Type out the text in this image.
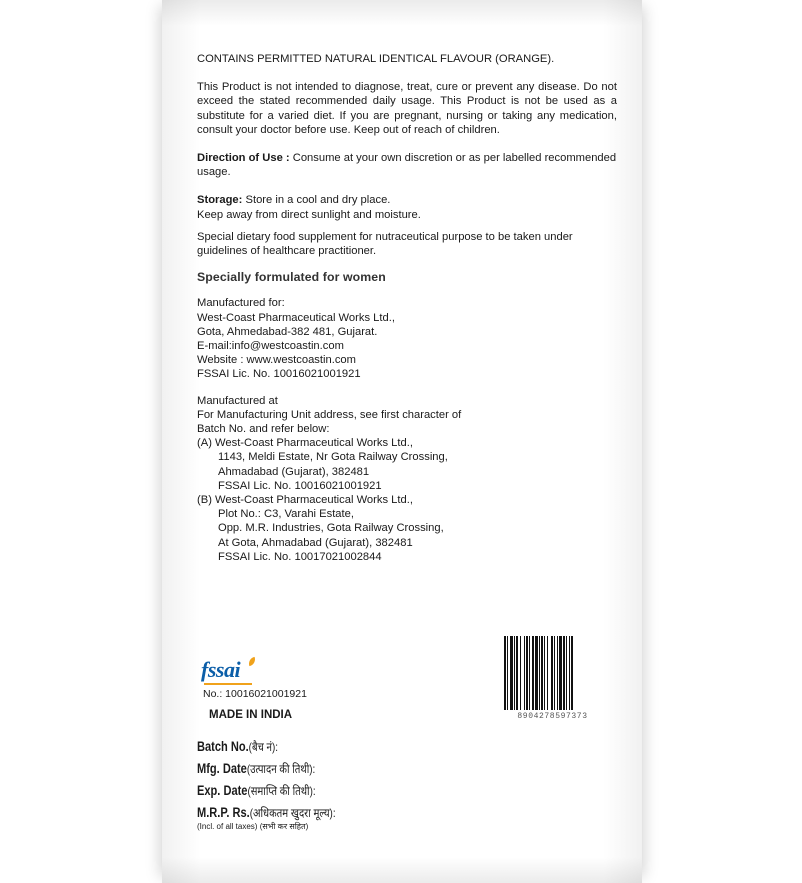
CONTAINS PERMITTED NATURAL IDENTICAL FLAVOUR (ORANGE).

This Product is not intended to diagnose, treat, cure or prevent any disease. Do not exceed the stated recommended daily usage. This Product is not be used as a substitute for a varied diet. If you are pregnant, nursing or taking any medication, consult your doctor before use. Keep out of reach of children.

Direction of Use : Consume at your own discretion or as per labelled recommended usage.

Storage: Store in a cool and dry place.

Keep away from direct sunlight and moisture.

Special dietary food supplement for nutraceutical purpose to be taken under guidelines of healthcare practitioner.

Specially formulated for women

Manufactured for:

West-Coast Pharmaceutical Works Ltd.,

Gota, Ahmedabad-382 481, Gujarat.

E-mail:info@westcoastin.com

Website : www.westcoastin.com

FSSAI Lic. No. 10016021001921

Manufactured at

For Manufacturing Unit address, see first character of

Batch No. and refer below:

(A) West-Coast Pharmaceutical Works Ltd.,

1143, Meldi Estate, Nr Gota Railway Crossing,

Ahmadabad (Gujarat), 382481

FSSAI Lic. No. 10016021001921

(B) West-Coast Pharmaceutical Works Ltd.,

Plot No.: C3, Varahi Estate,

Opp. M.R. Industries, Gota Railway Crossing,

At Gota, Ahmadabad (Gujarat), 382481

FSSAI Lic. No. 10017021002844

fssai
No.: 10016021001921
MADE IN INDIA	8904278597373
Batch No.(बैच नं):
Mfg. Date(उत्पादन की तिथी):
Exp. Date(समाप्ति की तिथी):
M.R.P. Rs.(अधिकतम खुदरा मूल्य):
(Incl. of all taxes) (सभी कर सहित)
